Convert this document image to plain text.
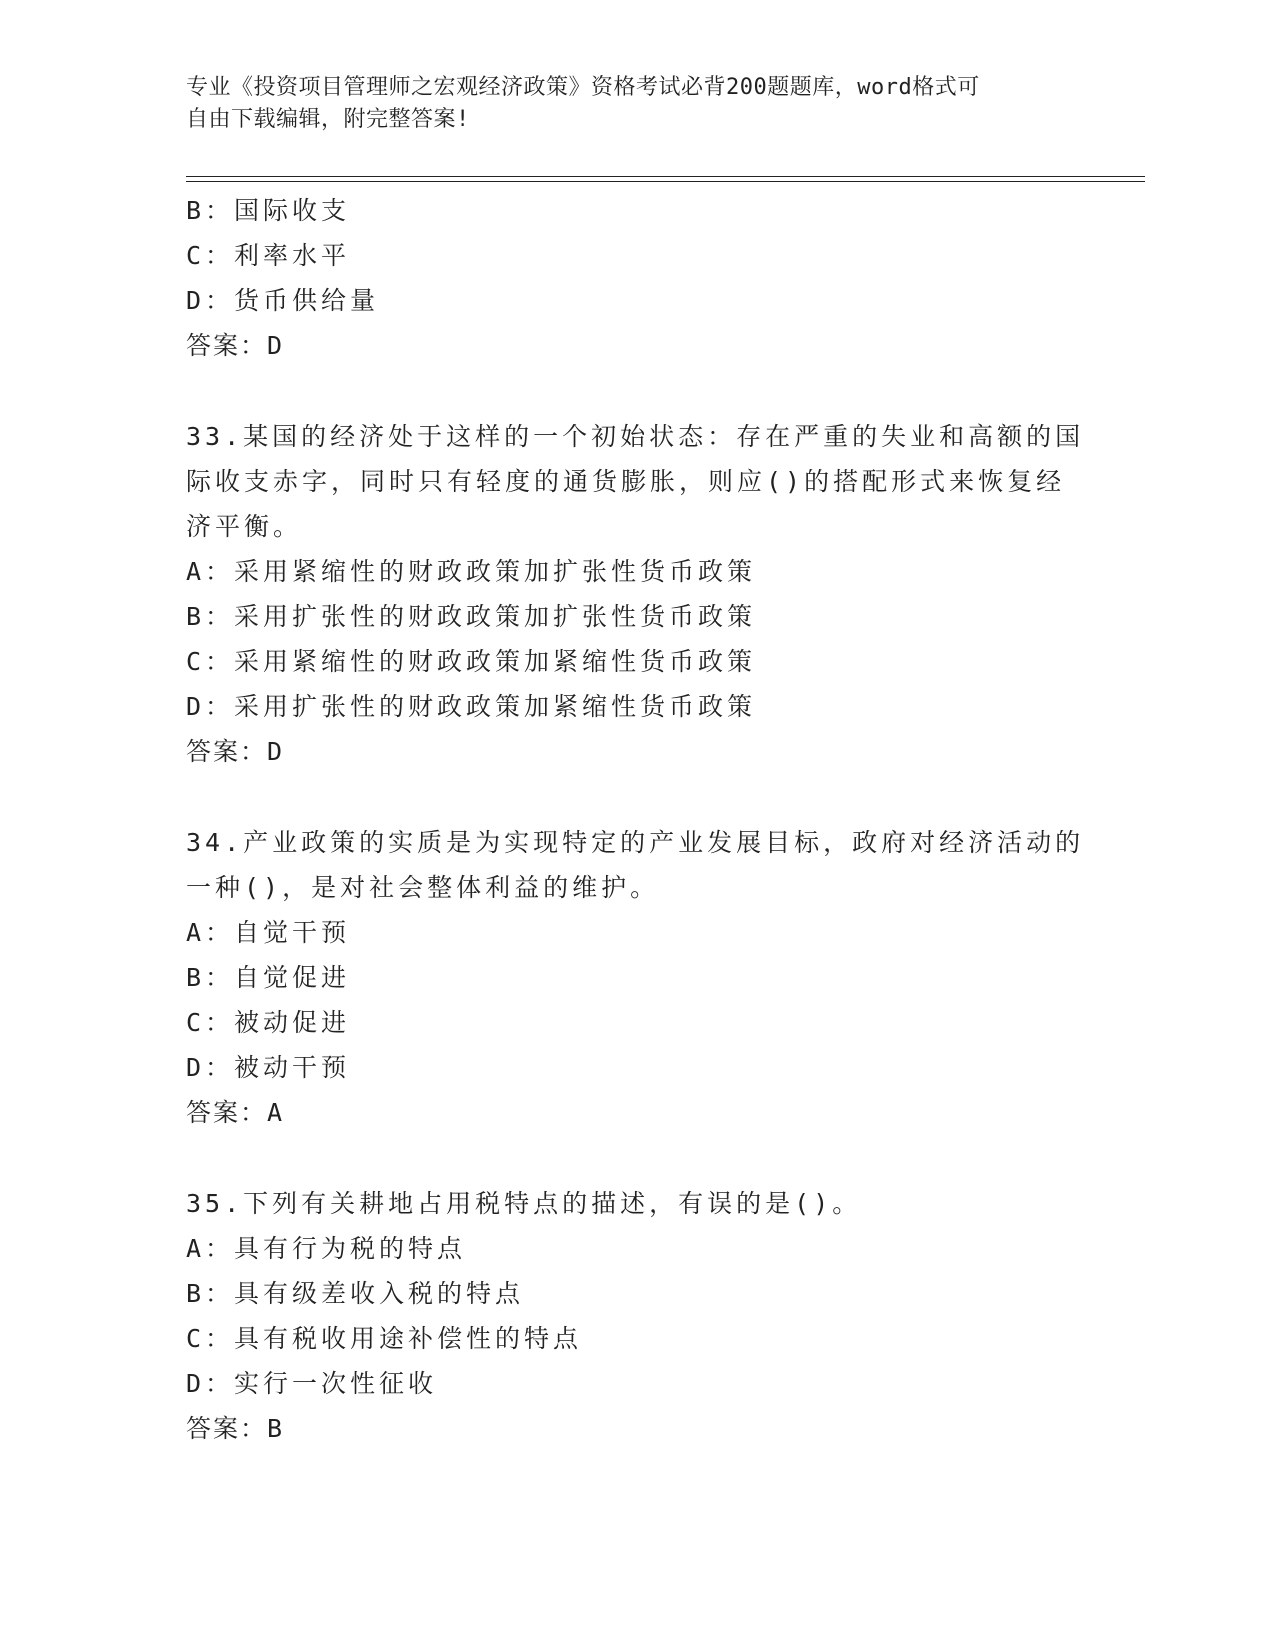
专业《投资项目管理师之宏观经济政策》资格考试必背200题题库，word格式可
自由下载编辑，附完整答案!
B：国际收支
C：利率水平
D：货币供给量
答案：D
33.某国的经济处于这样的一个初始状态：存在严重的失业和高额的国
际收支赤字，同时只有轻度的通货膨胀，则应()的搭配形式来恢复经
济平衡。
A：采用紧缩性的财政政策加扩张性货币政策
B：采用扩张性的财政政策加扩张性货币政策
C：采用紧缩性的财政政策加紧缩性货币政策
D：采用扩张性的财政政策加紧缩性货币政策
答案：D
34.产业政策的实质是为实现特定的产业发展目标，政府对经济活动的
一种()，是对社会整体利益的维护。
A：自觉干预
B：自觉促进
C：被动促进
D：被动干预
答案：A
35.下列有关耕地占用税特点的描述，有误的是()。
A：具有行为税的特点
B：具有级差收入税的特点
C：具有税收用途补偿性的特点
D：实行一次性征收
答案：B
